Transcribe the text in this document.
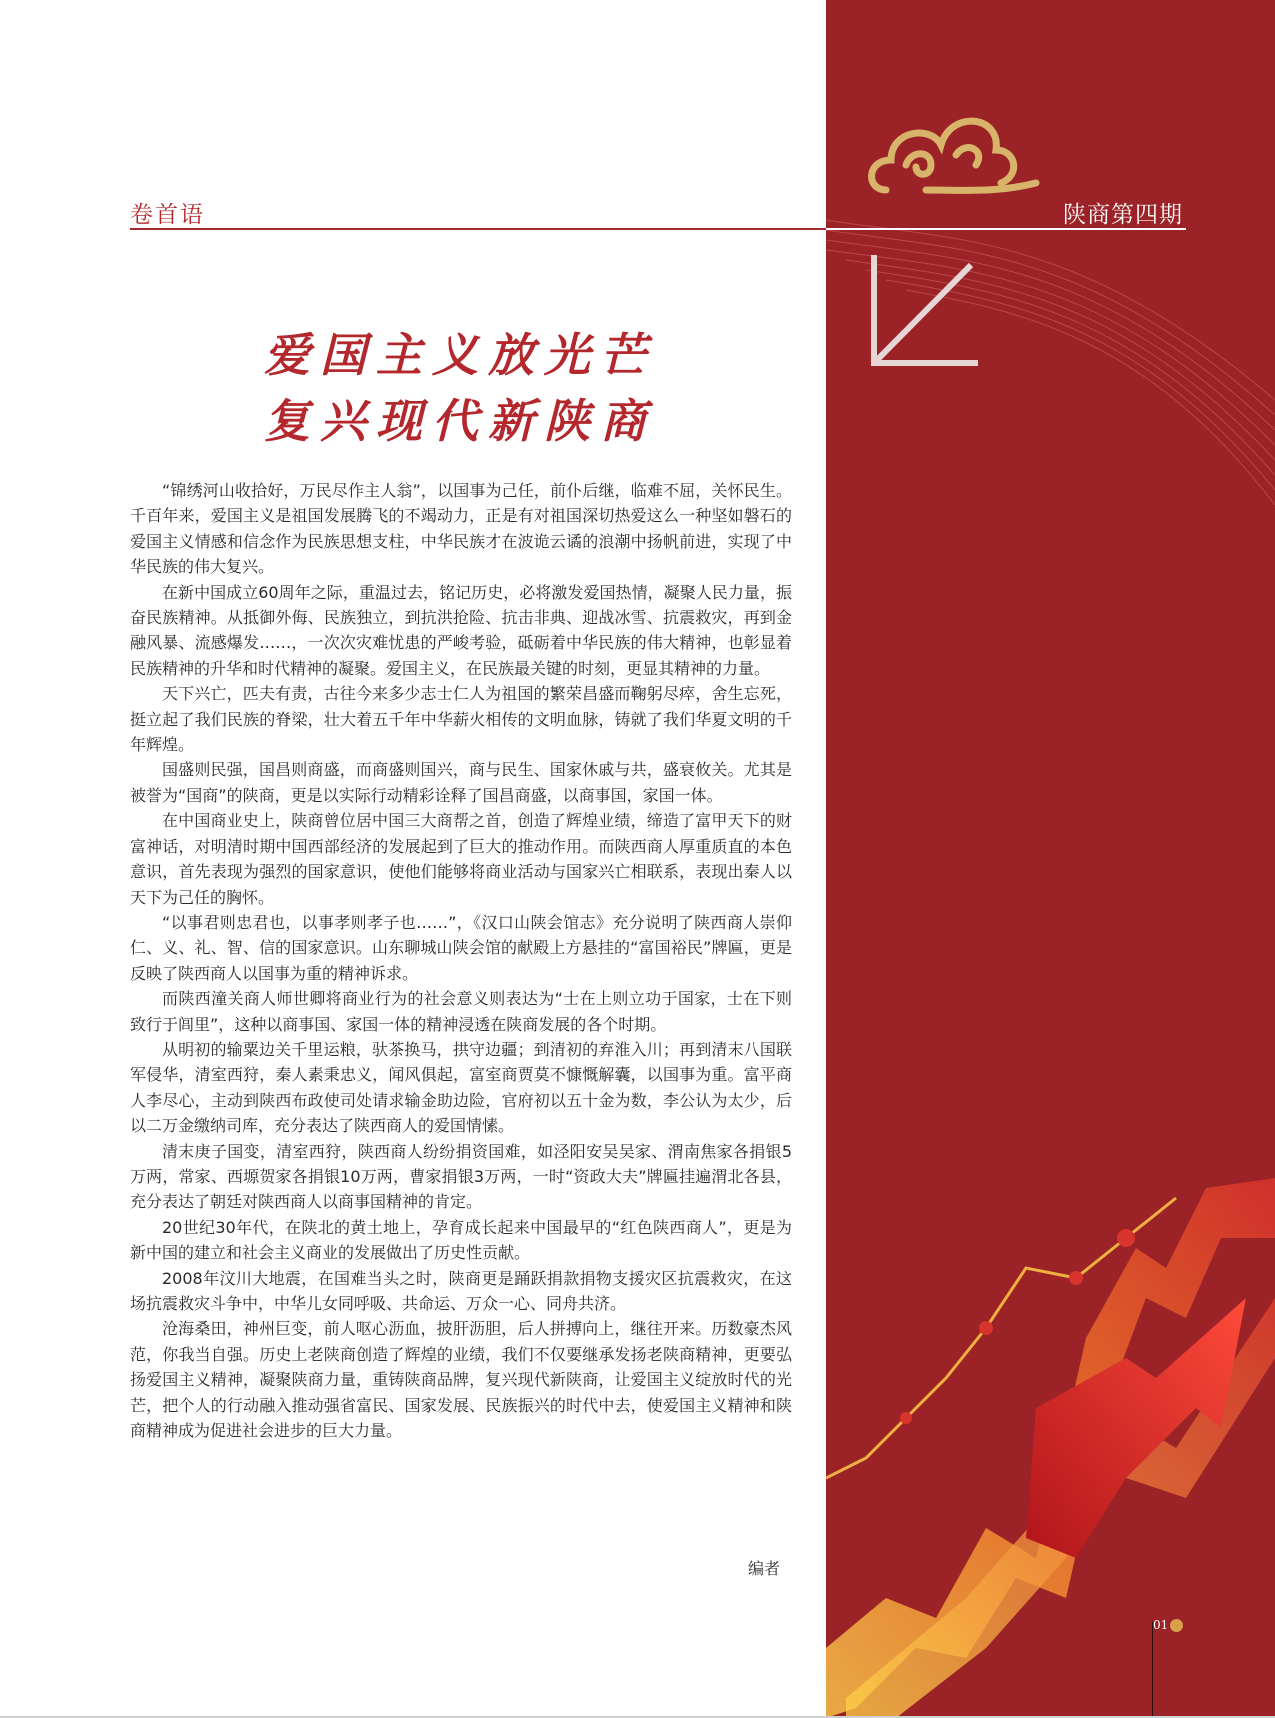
卷首语	陕商第四期
爱国主义放光芒
复兴现代新陕商

“锦绣河山收拾好，万民尽作主人翁”，以国事为己任，前仆后继，临难不屈，关怀民生。千百年来，爱国主义是祖国发展腾飞的不竭动力，正是有对祖国深切热爱这么一种坚如磐石的爱国主义情感和信念作为民族思想支柱，中华民族才在波诡云谲的浪潮中扬帆前进，实现了中华民族的伟大复兴。

在新中国成立60周年之际，重温过去，铭记历史，必将激发爱国热情，凝聚人民力量，振奋民族精神。从抵御外侮、民族独立，到抗洪抢险、抗击非典、迎战冰雪、抗震救灾，再到金融风暴、流感爆发……，一次次灾难忧患的严峻考验，砥砺着中华民族的伟大精神，也彰显着民族精神的升华和时代精神的凝聚。爱国主义，在民族最关键的时刻，更显其精神的力量。

天下兴亡，匹夫有责，古往今来多少志士仁人为祖国的繁荣昌盛而鞠躬尽瘁，舍生忘死，挺立起了我们民族的脊梁，壮大着五千年中华薪火相传的文明血脉，铸就了我们华夏文明的千年辉煌。

国盛则民强，国昌则商盛，而商盛则国兴，商与民生、国家休戚与共，盛衰攸关。尤其是被誉为“国商”的陕商，更是以实际行动精彩诠释了国昌商盛，以商事国，家国一体。

在中国商业史上，陕商曾位居中国三大商帮之首，创造了辉煌业绩，缔造了富甲天下的财富神话，对明清时期中国西部经济的发展起到了巨大的推动作用。而陕西商人厚重质直的本色意识，首先表现为强烈的国家意识，使他们能够将商业活动与国家兴亡相联系，表现出秦人以天下为己任的胸怀。

“以事君则忠君也，以事孝则孝子也……”，《汉口山陕会馆志》充分说明了陕西商人崇仰仁、义、礼、智、信的国家意识。山东聊城山陕会馆的献殿上方悬挂的“富国裕民”牌匾，更是反映了陕西商人以国事为重的精神诉求。

而陕西潼关商人师世卿将商业行为的社会意义则表达为“士在上则立功于国家，士在下则致行于闾里”，这种以商事国、家国一体的精神浸透在陕商发展的各个时期。

从明初的输粟边关千里运粮，驮茶换马，拱守边疆；到清初的弃淮入川；再到清末八国联军侵华，清室西狩，秦人素秉忠义，闻风俱起，富室商贾莫不慷慨解囊，以国事为重。富平商人李尽心，主动到陕西布政使司处请求输金助边险，官府初以五十金为数，李公认为太少，后以二万金缴纳司库，充分表达了陕西商人的爱国情愫。

清末庚子国变，清室西狩，陕西商人纷纷捐资国难，如泾阳安吴吴家、渭南焦家各捐银5万两，常家、西塬贺家各捐银10万两，曹家捐银3万两，一时“资政大夫”牌匾挂遍渭北各县，充分表达了朝廷对陕西商人以商事国精神的肯定。

20世纪30年代，在陕北的黄土地上，孕育成长起来中国最早的“红色陕西商人”，更是为新中国的建立和社会主义商业的发展做出了历史性贡献。

2008年汶川大地震，在国难当头之时，陕商更是踊跃捐款捐物支援灾区抗震救灾，在这场抗震救灾斗争中，中华儿女同呼吸、共命运、万众一心、同舟共济。

沧海桑田，神州巨变，前人呕心沥血，披肝沥胆，后人拼搏向上，继往开来。历数豪杰风范，你我当自强。历史上老陕商创造了辉煌的业绩，我们不仅要继承发扬老陕商精神，更要弘扬爱国主义精神，凝聚陕商力量，重铸陕商品牌，复兴现代新陕商，让爱国主义绽放时代的光芒，把个人的行动融入推动强省富民、国家发展、民族振兴的时代中去，使爱国主义精神和陕商精神成为促进社会进步的巨大力量。

编者
01
